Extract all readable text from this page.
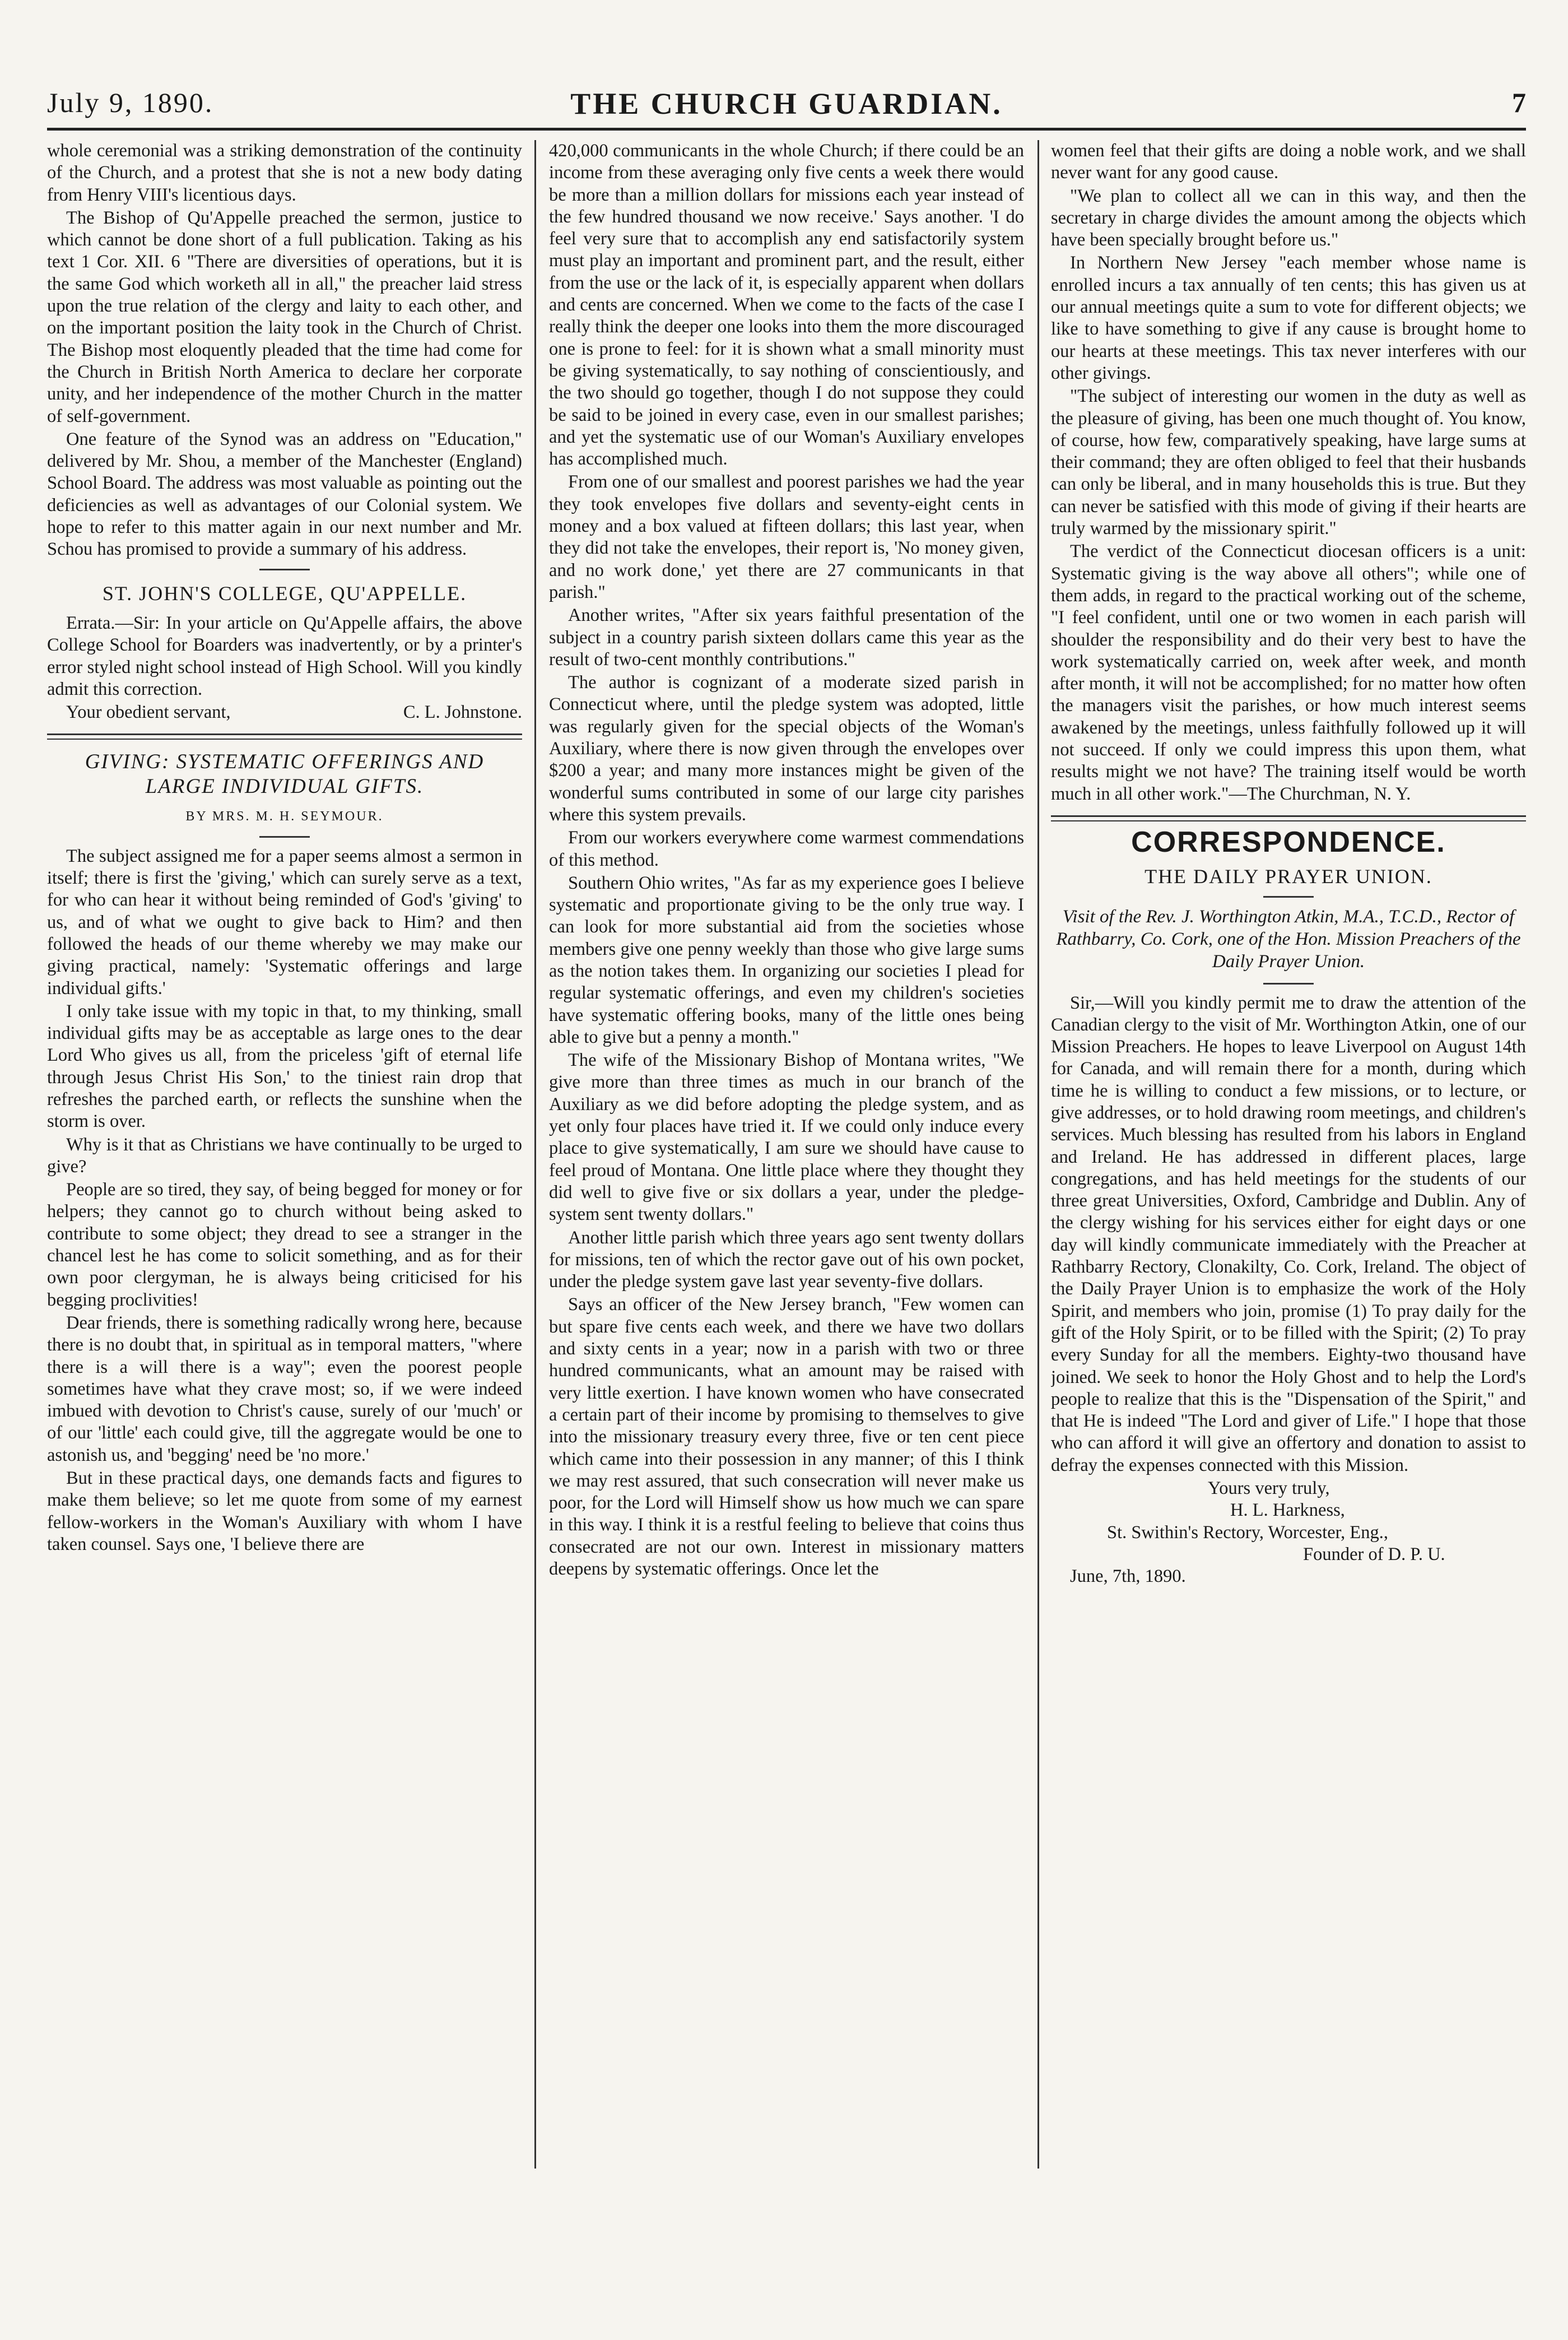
July 9, 1890.	THE CHURCH GUARDIAN.	7

whole ceremonial was a striking demonstration of the continuity of the Church, and a protest that she is not a new body dating from Henry VIII's licentious days.

The Bishop of Qu'Appelle preached the sermon, justice to which cannot be done short of a full publication. Taking as his text 1 Cor. XII. 6 "There are diversities of operations, but it is the same God which worketh all in all," the preacher laid stress upon the true relation of the clergy and laity to each other, and on the important position the laity took in the Church of Christ. The Bishop most eloquently pleaded that the time had come for the Church in British North America to declare her corporate unity, and her independence of the mother Church in the matter of self-government.

One feature of the Synod was an address on "Education," delivered by Mr. Shou, a member of the Manchester (England) School Board. The address was most valuable as pointing out the deficiencies as well as advantages of our Colonial system. We hope to refer to this matter again in our next number and Mr. Schou has promised to provide a summary of his address.

ST. JOHN'S COLLEGE, QU'APPELLE.

Errata.—Sir: In your article on Qu'Appelle affairs, the above College School for Boarders was inadvertently, or by a printer's error styled night school instead of High School. Will you kindly admit this correction.

Your obedient servant,	C. L. Johnstone.
GIVING: SYSTEMATIC OFFERINGS AND LARGE INDIVIDUAL GIFTS.
BY MRS. M. H. SEYMOUR.

The subject assigned me for a paper seems almost a sermon in itself; there is first the 'giving,' which can surely serve as a text, for who can hear it without being reminded of God's 'giving' to us, and of what we ought to give back to Him? and then followed the heads of our theme whereby we may make our giving practical, namely: 'Systematic offerings and large individual gifts.'

I only take issue with my topic in that, to my thinking, small individual gifts may be as acceptable as large ones to the dear Lord Who gives us all, from the priceless 'gift of eternal life through Jesus Christ His Son,' to the tiniest rain drop that refreshes the parched earth, or reflects the sunshine when the storm is over.

Why is it that as Christians we have continually to be urged to give?

People are so tired, they say, of being begged for money or for helpers; they cannot go to church without being asked to contribute to some object; they dread to see a stranger in the chancel lest he has come to solicit something, and as for their own poor clergyman, he is always being criticised for his begging proclivities!

Dear friends, there is something radically wrong here, because there is no doubt that, in spiritual as in temporal matters, "where there is a will there is a way"; even the poorest people sometimes have what they crave most; so, if we were indeed imbued with devotion to Christ's cause, surely of our 'much' or of our 'little' each could give, till the aggregate would be one to astonish us, and 'begging' need be 'no more.'

But in these practical days, one demands facts and figures to make them believe; so let me quote from some of my earnest fellow-workers in the Woman's Auxiliary with whom I have taken counsel. Says one, 'I believe there are

420,000 communicants in the whole Church; if there could be an income from these averaging only five cents a week there would be more than a million dollars for missions each year instead of the few hundred thousand we now receive.' Says another. 'I do feel very sure that to accomplish any end satisfactorily system must play an important and prominent part, and the result, either from the use or the lack of it, is especially apparent when dollars and cents are concerned. When we come to the facts of the case I really think the deeper one looks into them the more discouraged one is prone to feel: for it is shown what a small minority must be giving systematically, to say nothing of conscientiously, and the two should go together, though I do not suppose they could be said to be joined in every case, even in our smallest parishes; and yet the systematic use of our Woman's Auxiliary envelopes has accomplished much.

From one of our smallest and poorest parishes we had the year they took envelopes five dollars and seventy-eight cents in money and a box valued at fifteen dollars; this last year, when they did not take the envelopes, their report is, 'No money given, and no work done,' yet there are 27 communicants in that parish."

Another writes, "After six years faithful presentation of the subject in a country parish sixteen dollars came this year as the result of two-cent monthly contributions."

The author is cognizant of a moderate sized parish in Connecticut where, until the pledge system was adopted, little was regularly given for the special objects of the Woman's Auxiliary, where there is now given through the envelopes over $200 a year; and many more instances might be given of the wonderful sums contributed in some of our large city parishes where this system prevails.

From our workers everywhere come warmest commendations of this method.

Southern Ohio writes, "As far as my experience goes I believe systematic and proportionate giving to be the only true way. I can look for more substantial aid from the societies whose members give one penny weekly than those who give large sums as the notion takes them. In organizing our societies I plead for regular systematic offerings, and even my children's societies have systematic offering books, many of the little ones being able to give but a penny a month."

The wife of the Missionary Bishop of Montana writes, "We give more than three times as much in our branch of the Auxiliary as we did before adopting the pledge system, and as yet only four places have tried it. If we could only induce every place to give systematically, I am sure we should have cause to feel proud of Montana. One little place where they thought they did well to give five or six dollars a year, under the pledge-system sent twenty dollars."

Another little parish which three years ago sent twenty dollars for missions, ten of which the rector gave out of his own pocket, under the pledge system gave last year seventy-five dollars.

Says an officer of the New Jersey branch, "Few women can but spare five cents each week, and there we have two dollars and sixty cents in a year; now in a parish with two or three hundred communicants, what an amount may be raised with very little exertion. I have known women who have consecrated a certain part of their income by promising to themselves to give into the missionary treasury every three, five or ten cent piece which came into their possession in any manner; of this I think we may rest assured, that such consecration will never make us poor, for the Lord will Himself show us how much we can spare in this way. I think it is a restful feeling to believe that coins thus consecrated are not our own. Interest in missionary matters deepens by systematic offerings. Once let the

women feel that their gifts are doing a noble work, and we shall never want for any good cause.

"We plan to collect all we can in this way, and then the secretary in charge divides the amount among the objects which have been specially brought before us."

In Northern New Jersey "each member whose name is enrolled incurs a tax annually of ten cents; this has given us at our annual meetings quite a sum to vote for different objects; we like to have something to give if any cause is brought home to our hearts at these meetings. This tax never interferes with our other givings.

"The subject of interesting our women in the duty as well as the pleasure of giving, has been one much thought of. You know, of course, how few, comparatively speaking, have large sums at their command; they are often obliged to feel that their husbands can only be liberal, and in many households this is true. But they can never be satisfied with this mode of giving if their hearts are truly warmed by the missionary spirit."

The verdict of the Connecticut diocesan officers is a unit: Systematic giving is the way above all others"; while one of them adds, in regard to the practical working out of the scheme, "I feel confident, until one or two women in each parish will shoulder the responsibility and do their very best to have the work systematically carried on, week after week, and month after month, it will not be accomplished; for no matter how often the managers visit the parishes, or how much interest seems awakened by the meetings, unless faithfully followed up it will not succeed. If only we could impress this upon them, what results might we not have? The training itself would be worth much in all other work."—The Churchman, N. Y.

CORRESPONDENCE.
THE DAILY PRAYER UNION.
Visit of the Rev. J. Worthington Atkin, M.A., T.C.D., Rector of Rathbarry, Co. Cork, one of the Hon. Mission Preachers of the Daily Prayer Union.

Sir,—Will you kindly permit me to draw the attention of the Canadian clergy to the visit of Mr. Worthington Atkin, one of our Mission Preachers. He hopes to leave Liverpool on August 14th for Canada, and will remain there for a month, during which time he is willing to conduct a few missions, or to lecture, or give addresses, or to hold drawing room meetings, and children's services. Much blessing has resulted from his labors in England and Ireland. He has addressed in different places, large congregations, and has held meetings for the students of our three great Universities, Oxford, Cambridge and Dublin. Any of the clergy wishing for his services either for eight days or one day will kindly communicate immediately with the Preacher at Rathbarry Rectory, Clonakilty, Co. Cork, Ireland. The object of the Daily Prayer Union is to emphasize the work of the Holy Spirit, and members who join, promise (1) To pray daily for the gift of the Holy Spirit, or to be filled with the Spirit; (2) To pray every Sunday for all the members. Eighty-two thousand have joined. We seek to honor the Holy Ghost and to help the Lord's people to realize that this is the "Dispensation of the Spirit," and that He is indeed "The Lord and giver of Life." I hope that those who can afford it will give an offertory and donation to assist to defray the expenses connected with this Mission.

Yours very truly,
H. L. Harkness,
St. Swithin's Rectory, Worcester, Eng.,
Founder of D. P. U.
June, 7th, 1890.
